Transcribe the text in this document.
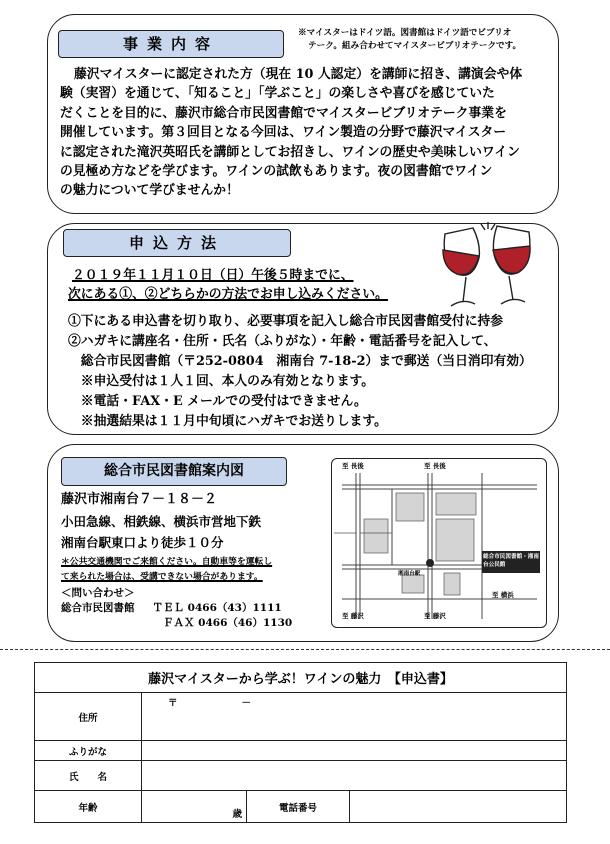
事業内容
※マイスターはドイツ語。図書館はドイツ語でビブリオ
テーク。組み合わせてマイスタービブリオテークです。
藤沢マイスターに認定された方（現在 10 人認定）を講師に招き、講演会や体
験（実習）を通じて、「知ること」「学ぶこと」の楽しさや喜びを感じていた
だくことを目的に、藤沢市総合市民図書館でマイスタービブリオテーク事業を
開催しています。第３回目となる今回は、ワイン製造の分野で藤沢マイスター
に認定された滝沢英昭氏を講師としてお招きし、ワインの歴史や美味しいワイン
の見極め方などを学びます。ワインの試飲もあります。夜の図書館でワイン
の魅力について学びませんか！
申込方法
２０１９年１１月１０日（日）午後５時までに、
次にある①、②どちらかの方法でお申し込みください。
①下にある申込書を切り取り、必要事項を記入し総合市民図書館受付に持参
②ハガキに講座名・住所・氏名（ふりがな）・年齢・電話番号を記入して、
　総合市民図書館（〒252-0804　湘南台 7-18-2）まで郵送（当日消印有効）
　※申込受付は１人１回、本人のみ有効となります。
　※電話・FAX・E メールでの受付はできません。
　※抽選結果は１１月中旬頃にハガキでお送りします。
総合市民図書館案内図
藤沢市湘南台７－１８－２
小田急線、相鉄線、横浜市営地下鉄
湘南台駅東口より徒歩１０分
＊公共交通機関でご来館ください。自動車等を運転し
て来られた場合は、受講できない場合があります。
＜問い合わせ＞
総合市民図書館 ＴＥＬ 0466（43）1111
ＦＡＸ 0466（46）1130
至 長後	至 長後
総合市民図書館・湘南台公民館
湘南台駅
至 藤沢	至 藤沢
至 横浜
藤沢マイスターから学ぶ！ワインの魅力　【申込書】			
住所	〒 －		
ふりがな			
氏　　名			
年齢	歳	電話番号	
